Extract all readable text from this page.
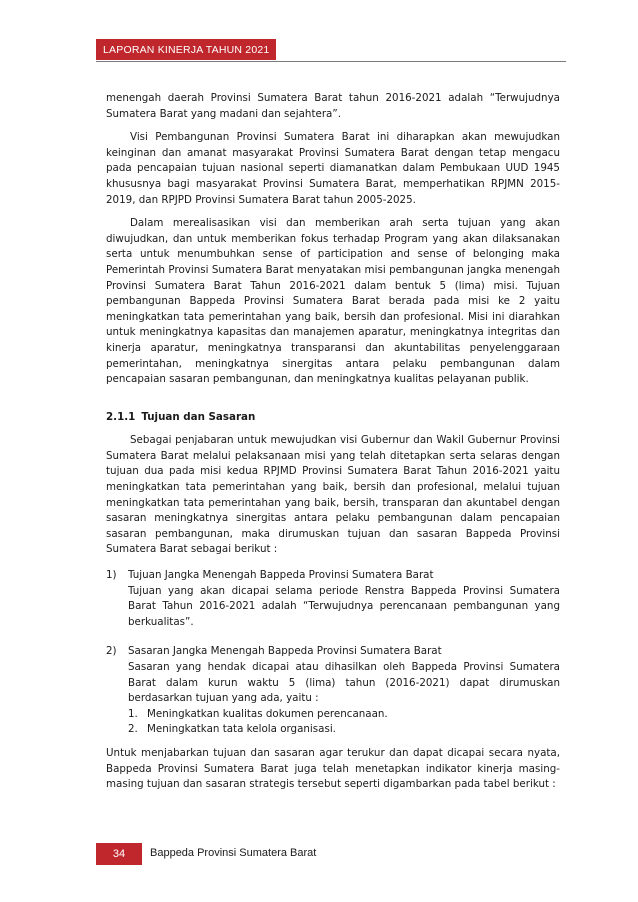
LAPORAN KINERJA TAHUN 2021

menengah daerah Provinsi Sumatera Barat tahun 2016-2021 adalah “Terwujudnya Sumatera Barat yang madani dan sejahtera”.

Visi Pembangunan Provinsi Sumatera Barat ini diharapkan akan mewujudkan keinginan dan amanat masyarakat Provinsi Sumatera Barat dengan tetap mengacu pada pencapaian tujuan nasional seperti diamanatkan dalam Pembukaan UUD 1945 khususnya bagi masyarakat Provinsi Sumatera Barat, memperhatikan RPJMN 2015-2019, dan RPJPD Provinsi Sumatera Barat tahun 2005-2025.

Dalam merealisasikan visi dan memberikan arah serta tujuan yang akan diwujudkan, dan untuk memberikan fokus terhadap Program yang akan dilaksanakan serta untuk menumbuhkan sense of participation and sense of belonging maka Pemerintah Provinsi Sumatera Barat menyatakan misi pembangunan jangka menengah Provinsi Sumatera Barat Tahun 2016-2021 dalam bentuk 5 (lima) misi. Tujuan pembangunan Bappeda Provinsi Sumatera Barat berada pada misi ke 2 yaitu meningkatkan tata pemerintahan yang baik, bersih dan profesional. Misi ini diarahkan untuk meningkatnya kapasitas dan manajemen aparatur, meningkatnya integritas dan kinerja aparatur, meningkatnya transparansi dan akuntabilitas penyelenggaraan pemerintahan, meningkatnya sinergitas antara pelaku pembangunan dalam pencapaian sasaran pembangunan, dan meningkatnya kualitas pelayanan publik.

2.1.1 Tujuan dan Sasaran

Sebagai penjabaran untuk mewujudkan visi Gubernur dan Wakil Gubernur Provinsi Sumatera Barat melalui pelaksanaan misi yang telah ditetapkan serta selaras dengan tujuan dua pada misi kedua RPJMD Provinsi Sumatera Barat Tahun 2016-2021 yaitu meningkatkan tata pemerintahan yang baik, bersih dan profesional, melalui tujuan meningkatkan tata pemerintahan yang baik, bersih, transparan dan akuntabel dengan sasaran meningkatnya sinergitas antara pelaku pembangunan dalam pencapaian sasaran pembangunan, maka dirumuskan tujuan dan sasaran Bappeda Provinsi Sumatera Barat sebagai berikut :

1) Tujuan Jangka Menengah Bappeda Provinsi Sumatera Barat
Tujuan yang akan dicapai selama periode Renstra Bappeda Provinsi Sumatera Barat Tahun 2016-2021 adalah “Terwujudnya perencanaan pembangunan yang berkualitas”.
2) Sasaran Jangka Menengah Bappeda Provinsi Sumatera Barat
Sasaran yang hendak dicapai atau dihasilkan oleh Bappeda Provinsi Sumatera Barat dalam kurun waktu 5 (lima) tahun (2016-2021) dapat dirumuskan berdasarkan tujuan yang ada, yaitu :
1. Meningkatkan kualitas dokumen perencanaan.
2. Meningkatkan tata kelola organisasi.

Untuk menjabarkan tujuan dan sasaran agar terukur dan dapat dicapai secara nyata, Bappeda Provinsi Sumatera Barat juga telah menetapkan indikator kinerja masing-masing tujuan dan sasaran strategis tersebut seperti digambarkan pada tabel berikut :

34 Bappeda Provinsi Sumatera Barat
